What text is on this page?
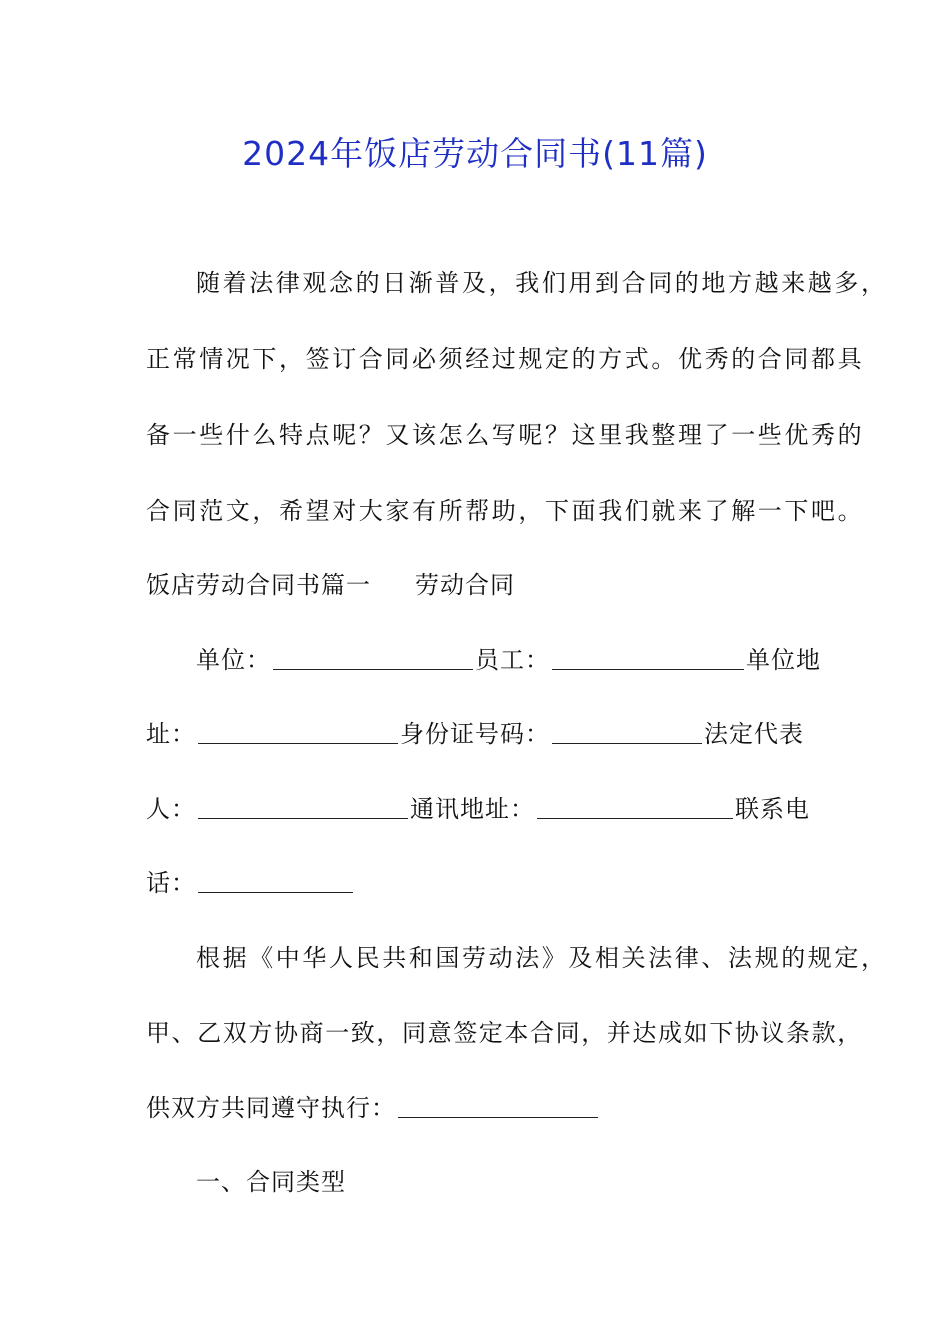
2024年饭店劳动合同书(11篇)
随着法律观念的日渐普及，我们用到合同的地方越来越多，
正常情况下，签订合同必须经过规定的方式。优秀的合同都具
备一些什么特点呢？又该怎么写呢？这里我整理了一些优秀的
合同范文，希望对大家有所帮助，下面我们就来了解一下吧。
饭店劳动合同书篇一 劳动合同
单位：	员工：	单位地
址：	身份证号码：	法定代表
人：	通讯地址：	联系电
话：
根据《中华人民共和国劳动法》及相关法律、法规的规定，
甲、乙双方协商一致，同意签定本合同，并达成如下协议条款，
供双方共同遵守执行：
一、合同类型
